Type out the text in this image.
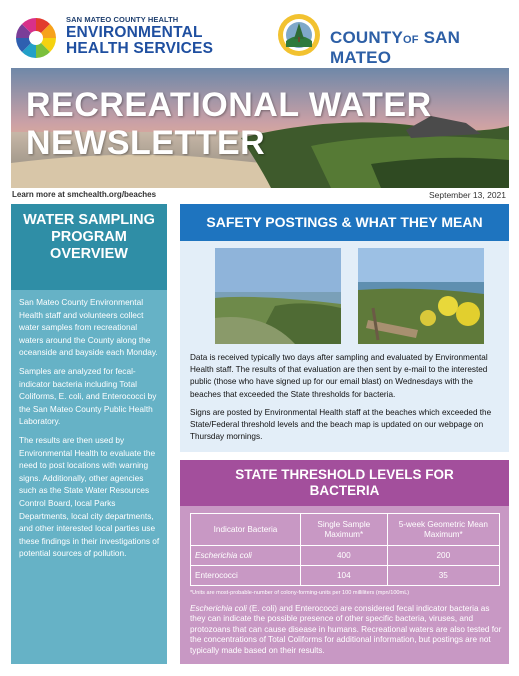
SAN MATEO COUNTY HEALTH
ENVIRONMENTAL
HEALTH SERVICES
COUNTYOF SAN MATEO
RECREATIONAL WATER
NEWSLETTER
Learn more at smchealth.org/beaches	September 13, 2021
WATER SAMPLING PROGRAM OVERVIEW

San Mateo County Environmental Health staff and volunteers collect water samples from recreational waters around the County along the oceanside and bayside each Monday.

Samples are analyzed for fecal-indicator bacteria including Total Coliforms, E. coli, and Enterococci by the San Mateo County Public Health Laboratory.

The results are then used by Environmental Health to evaluate the need to post locations with warning signs. Additionally, other agencies such as the State Water Resources Control Board, local Parks Departments, local city departments, and other interested local parties use these findings in their investigations of potential sources of pollution.

SAFETY POSTINGS & WHAT THEY MEAN

Data is received typically two days after sampling and evaluated by Environmental Health staff. The results of that evaluation are then sent by e-mail to the interested public (those who have signed up for our email blast) on Wednesdays with the beaches that exceeded the State thresholds for bacteria.

Signs are posted by Environmental Health staff at the beaches which exceeded the State/Federal threshold levels and the beach map is updated on our webpage on Thursday mornings.

STATE THRESHOLD LEVELS FOR
BACTERIA
Indicator Bacteria	Single Sample Maximum*	5-week Geometric Mean Maximum*
Escherichia coli	400	200
Enterococci	104	35
*Units are most-probable-number of colony-forming-units per 100 milliliters (mpn/100mL)
Escherichia coli (E. coli) and Enterococci are considered fecal indicator bacteria as they can indicate the possible presence of other specific bacteria, viruses, and protozoans that can cause disease in humans. Recreational waters are also tested for the concentrations of Total Coliforms for additional information, but postings are not typically made based on their results.
